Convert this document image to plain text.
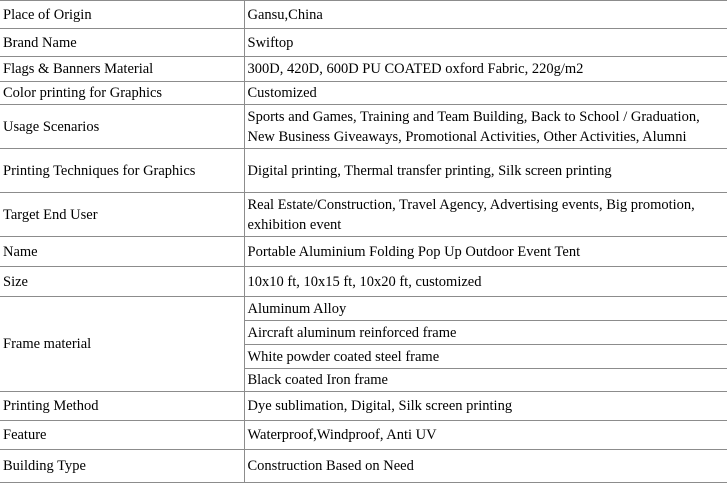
Place of Origin	Gansu,China
Brand Name	Swiftop
Flags & Banners Material	300D, 420D, 600D PU COATED oxford Fabric, 220g/m2
Color printing for Graphics	Customized
Usage Scenarios	Sports and Games, Training and Team Building, Back to School / Graduation, New Business Giveaways, Promotional Activities, Other Activities, Alumni
Printing Techniques for Graphics	Digital printing, Thermal transfer printing, Silk screen printing
Target End User	Real Estate/Construction, Travel Agency, Advertising events, Big promotion, exhibition event
Name	Portable Aluminium Folding Pop Up Outdoor Event Tent
Size	10x10 ft, 10x15 ft, 10x20 ft, customized
Frame material	Aluminum Alloy
	Aircraft aluminum reinforced frame
	White powder coated steel frame
	Black coated Iron frame
Printing Method	Dye sublimation, Digital, Silk screen printing
Feature	Waterproof,Windproof, Anti UV
Building Type	Construction Based on Need
